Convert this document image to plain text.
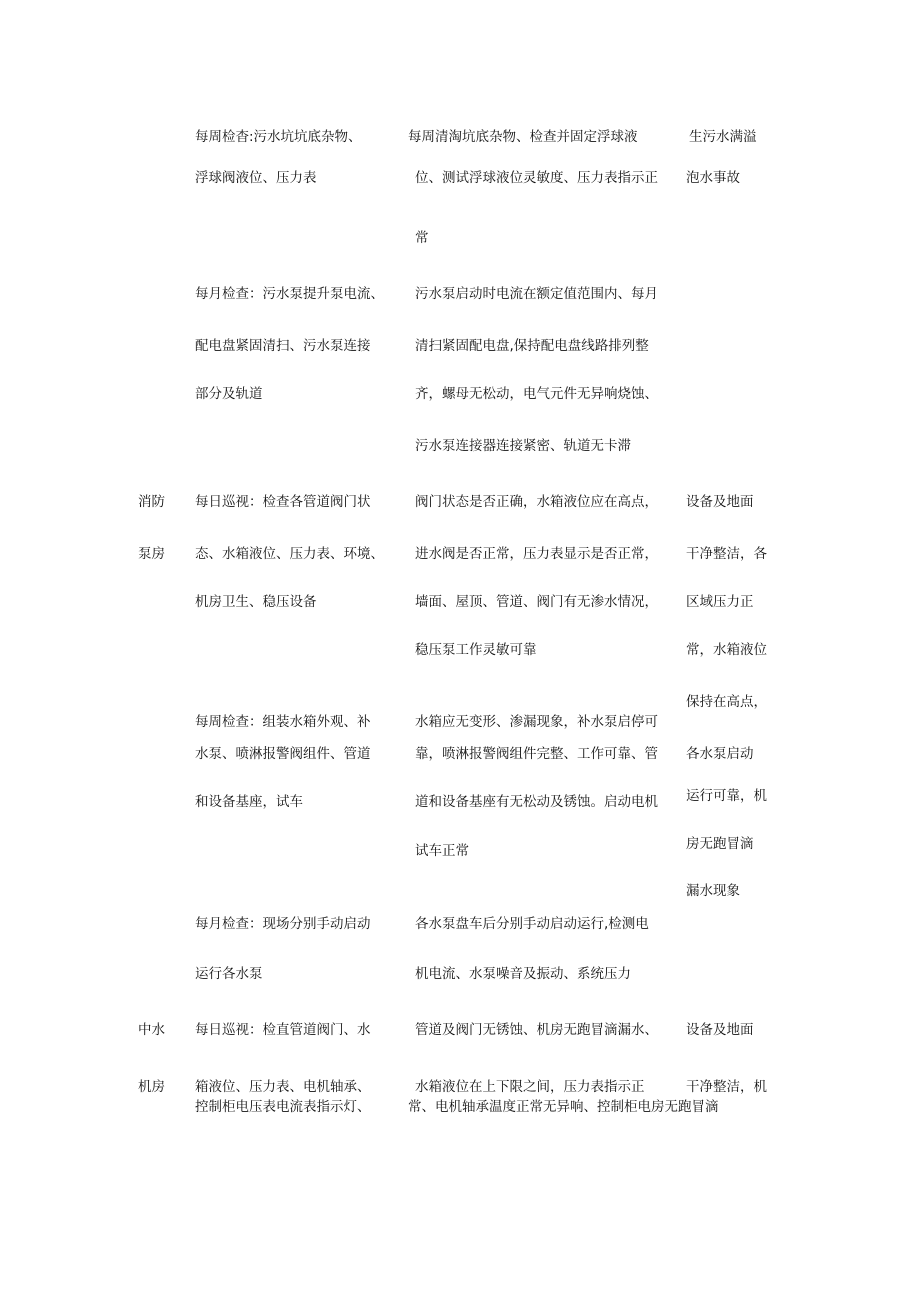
每周检杳:污水坑坑底杂物、
浮球阀液位、压力表
每周清淘坑底杂物、检查并固定浮球液
位、测试浮球液位灵敏度、压力表指示正
常
生污水满溢
泡水事故
每月检查：污水泵提升泵电流、
配电盘紧固清扫、污水泵连接
部分及轨道
污水泵启动时电流在额定值范围内、每月
清扫紧固配电盘,保持配电盘线路排列整
齐，螺母无松动，电气元件无异响烧蚀、
污水泵连接器连接紧密、轨道无卡滞
消防
泵房
每日巡视：检查各管道阀门状
态、水箱液位、压力表、环境、
机房卫生、稳压设备
阀门状态是否正确，水箱液位应在高点，
进水阀是否正常，压力表显示是否正常，
墙面、屋顶、管道、阀门有无渗水情况，
稳压泵工作灵敏可靠
设备及地面
干净整洁，各
区域压力正
常，水箱液位
保持在高点，
各水泵启动
运行可靠，机
房无跑冒滴
漏水现象
每周检查：组装水箱外观、补
水泵、喷淋报警阀组件、管道
和设备基座，试车
水箱应无变形、渗漏现象，补水泵启停可
靠，喷淋报警阀组件完整、工作可靠、管
道和设备基座有无松动及锈蚀。启动电机
试车正常
每月检查：现场分别手动启动
运行各水泵
各水泵盘车后分别手动启动运行,检测电
机电流、水泵噪音及振动、系统压力
中水
机房
每日巡视：检直管道阀门、水
箱液位、压力表、电机轴承、
控制柜电压表电流表指示灯、
管道及阀门无锈蚀、机房无跑冒滴漏水、
水箱液位在上下限之间，压力表指示正
常、电机轴承温度正常无异响、控制柜电房无跑冒滴
设备及地面
干净整洁，机
